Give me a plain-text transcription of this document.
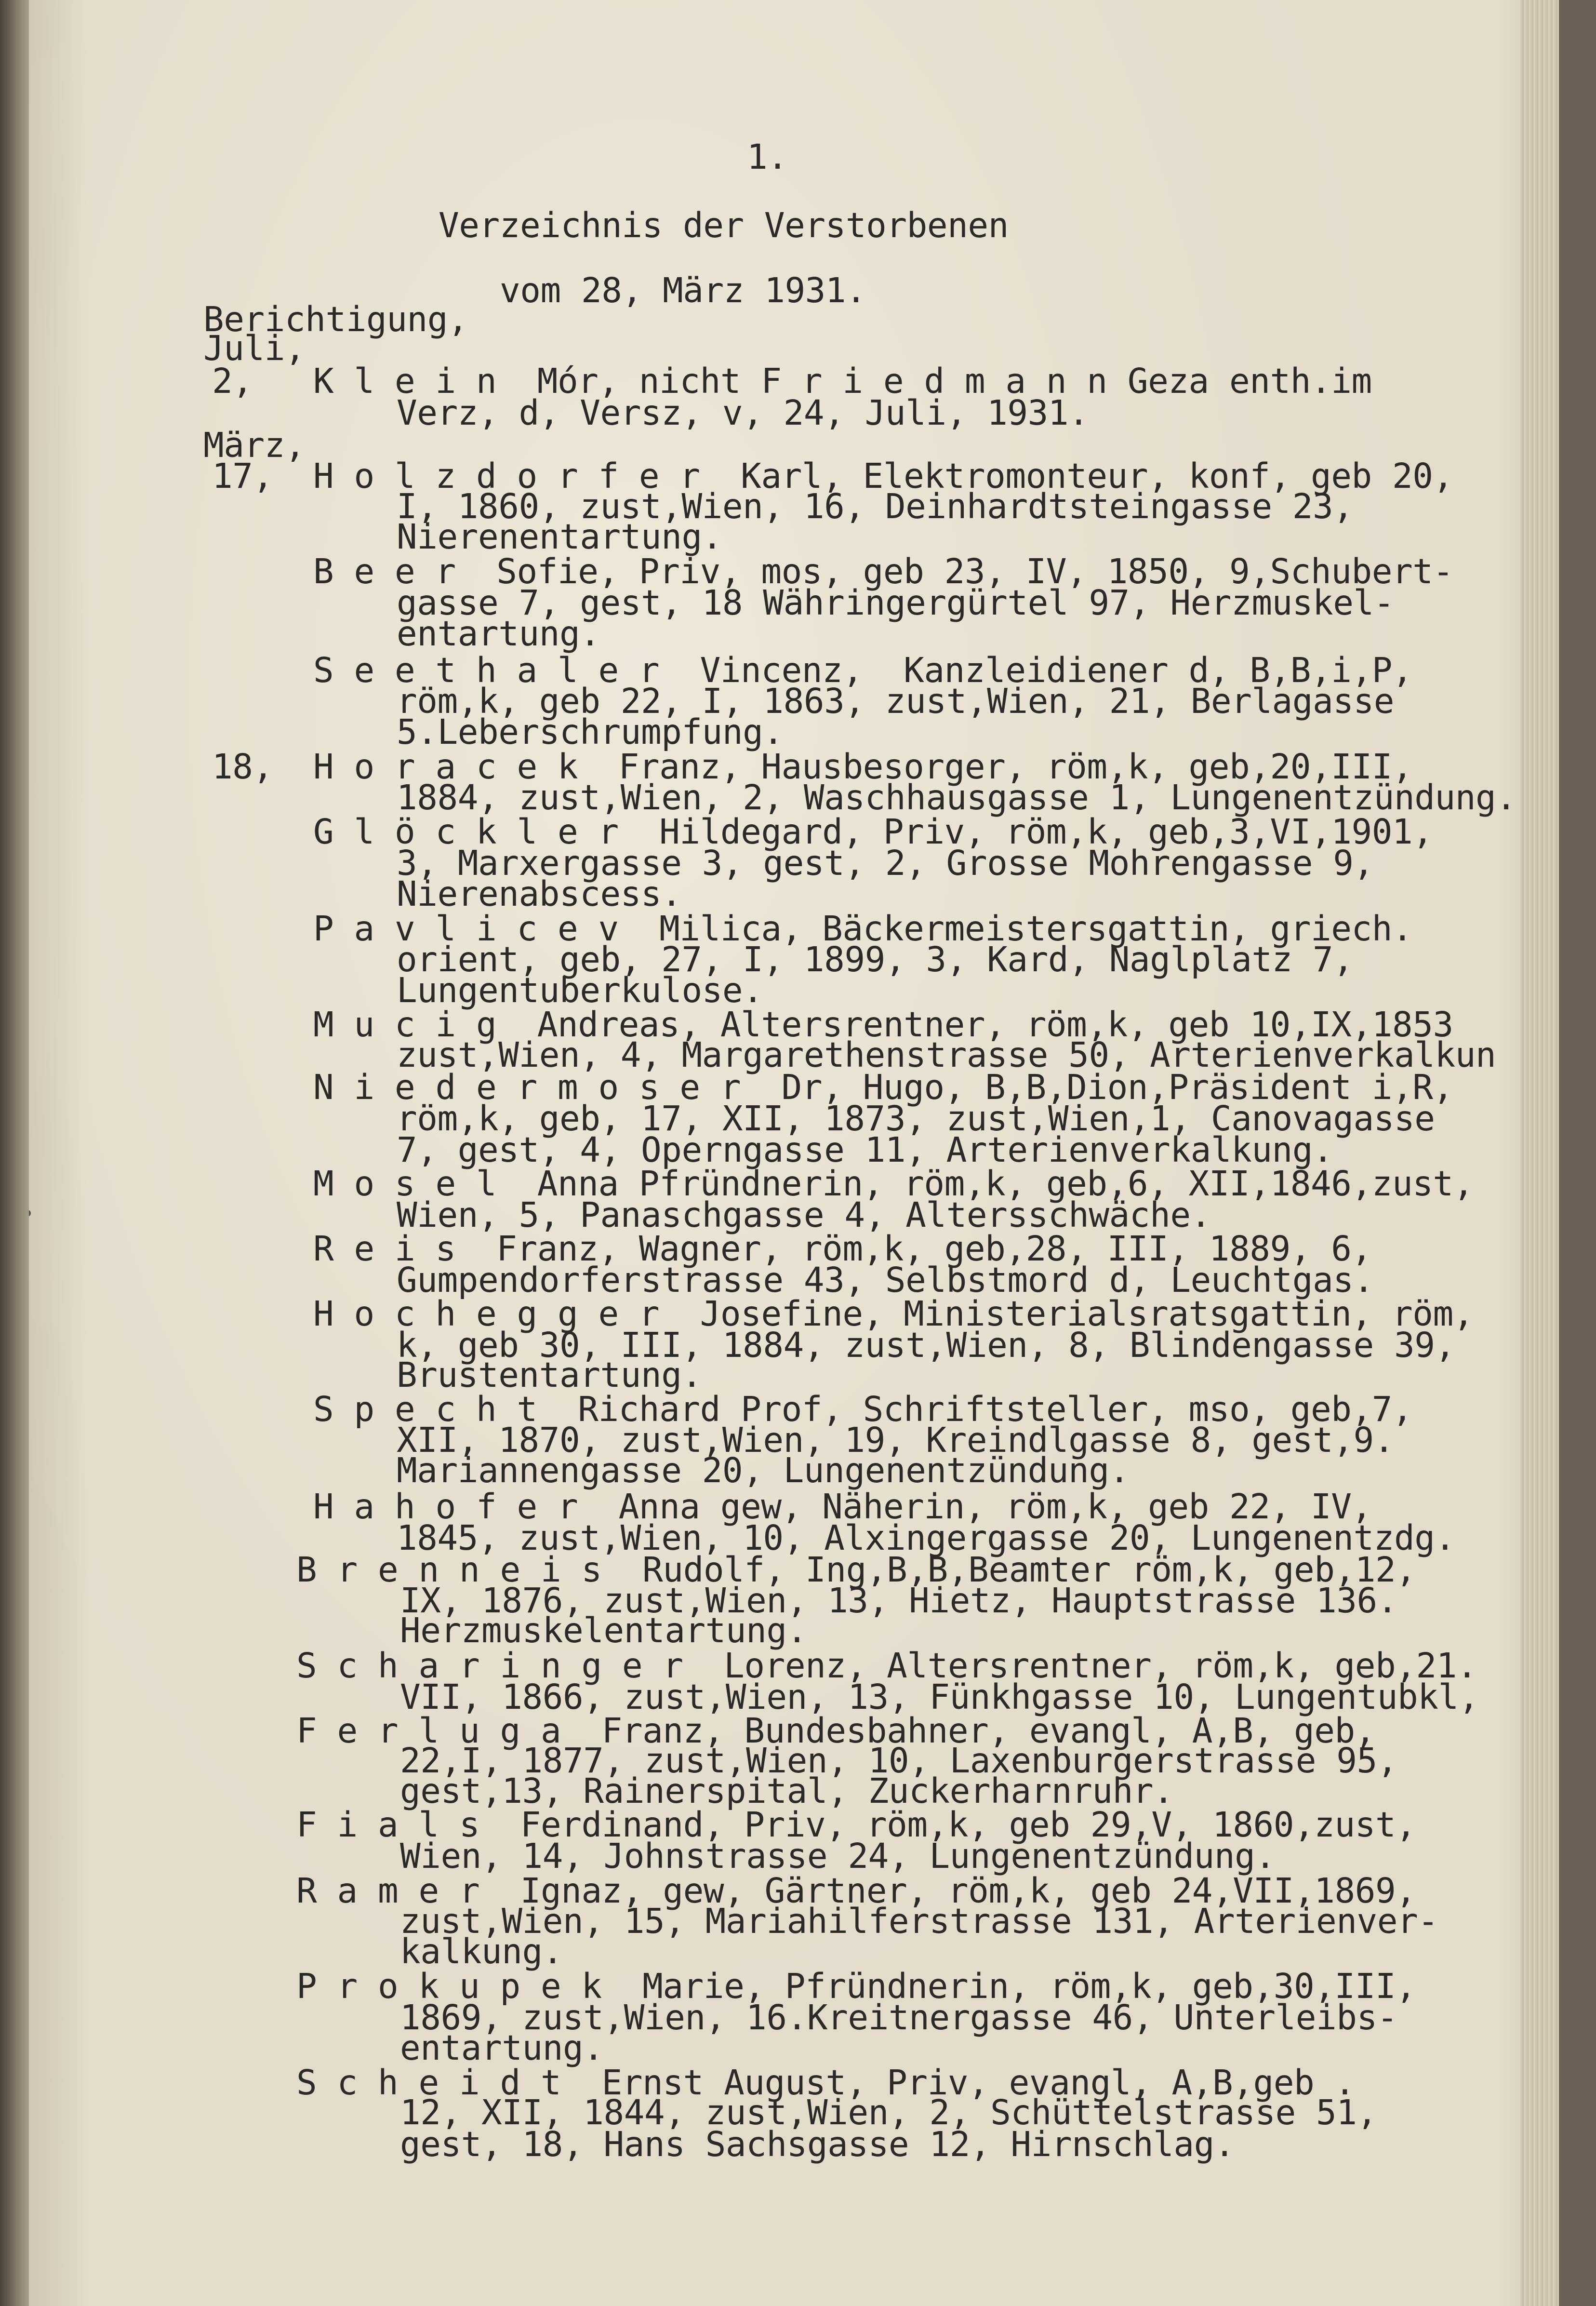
1.

Verzeichnis der Verstorbenen

vom 28, März 1931.

Berichtigung,

Juli,

2, K l e i n  Mór, nicht F r i e d m a n n Geza enth.im

Verz, d, Versz, v, 24, Juli, 1931.

März,

17, H o l z d o r f e r  Karl, Elektromonteur, konf, geb 20,

I, 1860, zust,Wien, 16, Deinhardtsteingasse 23,

Nierenentartung.

B e e r  Sofie, Priv, mos, geb 23, IV, 1850, 9,Schubert-

gasse 7, gest, 18 Währingergürtel 97, Herzmuskel-

entartung.

S e e t h a l e r  Vincenz,  Kanzleidiener d, B,B,i,P,

röm,k, geb 22, I, 1863, zust,Wien, 21, Berlagasse

5.Leberschrumpfung.

18, H o r a c e k  Franz, Hausbesorger, röm,k, geb,20,III,

1884, zust,Wien, 2, Waschhausgasse 1, Lungenentzündung.

G l ö c k l e r  Hildegard, Priv, röm,k, geb,3,VI,1901,

3, Marxergasse 3, gest, 2, Grosse Mohrengasse 9,

Nierenabscess.

P a v l i c e v  Milica, Bäckermeistersgattin, griech.

orient, geb, 27, I, 1899, 3, Kard, Naglplatz 7,

Lungentuberkulose.

M u c i g  Andreas, Altersrentner, röm,k, geb 10,IX,1853

zust,Wien, 4, Margarethenstrasse 50, Arterienverkalkun

N i e d e r m o s e r  Dr, Hugo, B,B,Dion,Präsident i,R,

röm,k, geb, 17, XII, 1873, zust,Wien,1, Canovagasse

7, gest, 4, Operngasse 11, Arterienverkalkung.

M o s e l  Anna Pfründnerin, röm,k, geb,6, XII,1846,zust,

Wien, 5, Panaschgasse 4, Altersschwäche.

R e i s  Franz, Wagner, röm,k, geb,28, III, 1889, 6,

Gumpendorferstrasse 43, Selbstmord d, Leuchtgas.

H o c h e g g e r  Josefine, Ministerialsratsgattin, röm,

k, geb 30, III, 1884, zust,Wien, 8, Blindengasse 39,

Brustentartung.

S p e c h t  Richard Prof, Schriftsteller, mso, geb,7,

XII, 1870, zust,Wien, 19, Kreindlgasse 8, gest,9.

Mariannengasse 20, Lungenentzündung.

H a h o f e r  Anna gew, Näherin, röm,k, geb 22, IV,

1845, zust,Wien, 10, Alxingergasse 20, Lungenentzdg.

B r e n n e i s  Rudolf, Ing,B,B,Beamter röm,k, geb,12,

IX, 1876, zust,Wien, 13, Hietz, Hauptstrasse 136.

Herzmuskelentartung.

S c h a r i n g e r  Lorenz, Altersrentner, röm,k, geb,21.

VII, 1866, zust,Wien, 13, Fünkhgasse 10, Lungentubkl,

F e r l u g a  Franz, Bundesbahner, evangl, A,B, geb,

22,I, 1877, zust,Wien, 10, Laxenburgerstrasse 95,

gest,13, Rainerspital, Zuckerharnruhr.

F i a l s  Ferdinand, Priv, röm,k, geb 29,V, 1860,zust,

Wien, 14, Johnstrasse 24, Lungenentzündung.

R a m e r  Ignaz, gew, Gärtner, röm,k, geb 24,VII,1869,

zust,Wien, 15, Mariahilferstrasse 131, Arterienver-

kalkung.

P r o k u p e k  Marie, Pfründnerin, röm,k, geb,30,III,

1869, zust,Wien, 16.Kreitnergasse 46, Unterleibs-

entartung.

S c h e i d t  Ernst August, Priv, evangl, A,B,geb .

12, XII, 1844, zust,Wien, 2, Schüttelstrasse 51,

gest, 18, Hans Sachsgasse 12, Hirnschlag.
